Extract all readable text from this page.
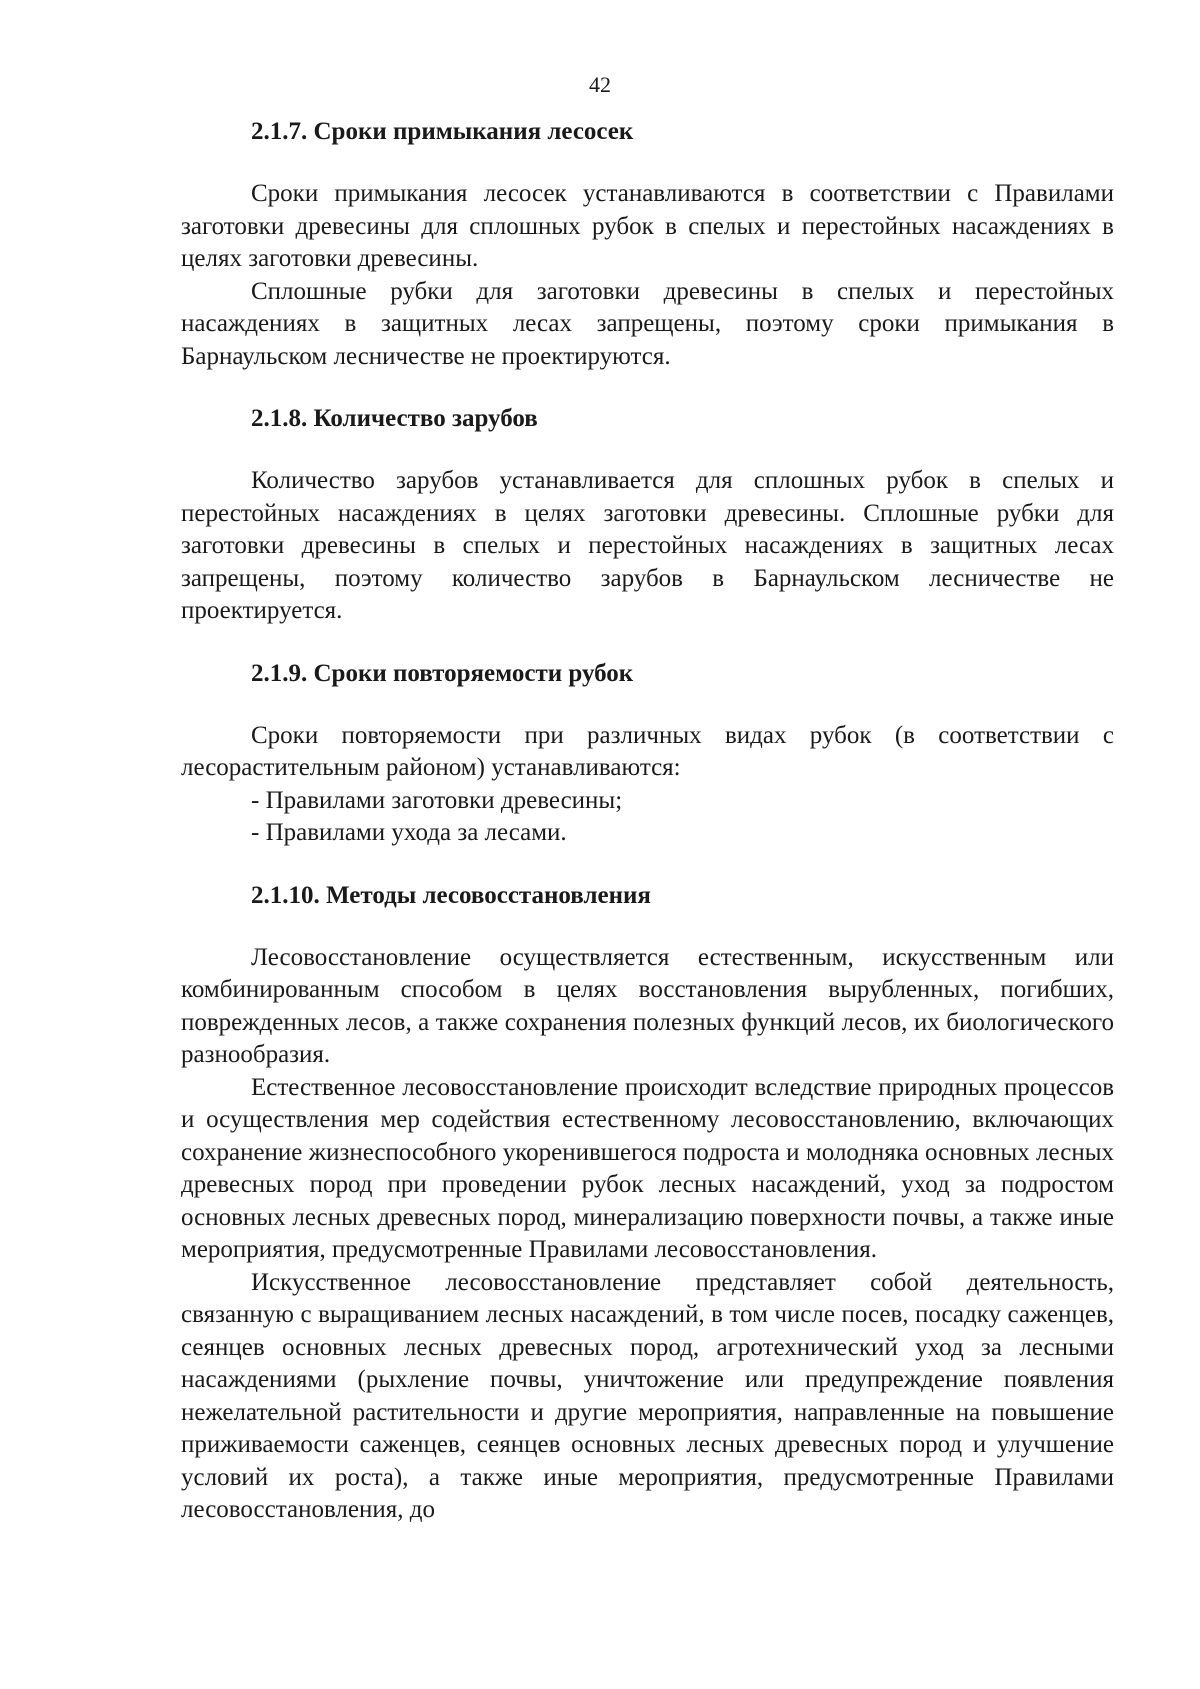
42
2.1.7. Сроки примыкания лесосек

Сроки примыкания лесосек устанавливаются в соответствии с Правилами заготовки древесины для сплошных рубок в спелых и перестойных насаждениях в целях заготовки древесины.

Сплошные рубки для заготовки древесины в спелых и перестойных насаждениях в защитных лесах запрещены, поэтому сроки примыкания в Барнаульском лесничестве не проектируются.

2.1.8. Количество зарубов

Количество зарубов устанавливается для сплошных рубок в спелых и перестойных насаждениях в целях заготовки древесины. Сплошные рубки для заготовки древесины в спелых и перестойных насаждениях в защитных лесах запрещены, поэтому количество зарубов в Барнаульском лесничестве не проектируется.

2.1.9. Сроки повторяемости рубок

Сроки повторяемости при различных видах рубок (в соответствии с лесорастительным районом) устанавливаются:

- Правилами заготовки древесины;

- Правилами ухода за лесами.

2.1.10. Методы лесовосстановления

Лесовосстановление осуществляется естественным, искусственным или комбинированным способом в целях восстановления вырубленных, погибших, поврежденных лесов, а также сохранения полезных функций лесов, их биологического разнообразия.

Естественное лесовосстановление происходит вследствие природных процессов и осуществления мер содействия естественному лесовосстановлению, включающих сохранение жизнеспособного укоренившегося подроста и молодняка основных лесных древесных пород при проведении рубок лесных насаждений, уход за подростом основных лесных древесных пород, минерализацию поверхности почвы, а также иные мероприятия, предусмотренные Правилами лесовосстановления.

Искусственное лесовосстановление представляет собой деятельность, связанную с выращиванием лесных насаждений, в том числе посев, посадку саженцев, сеянцев основных лесных древесных пород, агротехнический уход за лесными насаждениями (рыхление почвы, уничтожение или предупреждение появления нежелательной растительности и другие мероприятия, направленные на повышение приживаемости саженцев, сеянцев основных лесных древесных пород и улучшение условий их роста), а также иные мероприятия, предусмотренные Правилами лесовосстановления, до
